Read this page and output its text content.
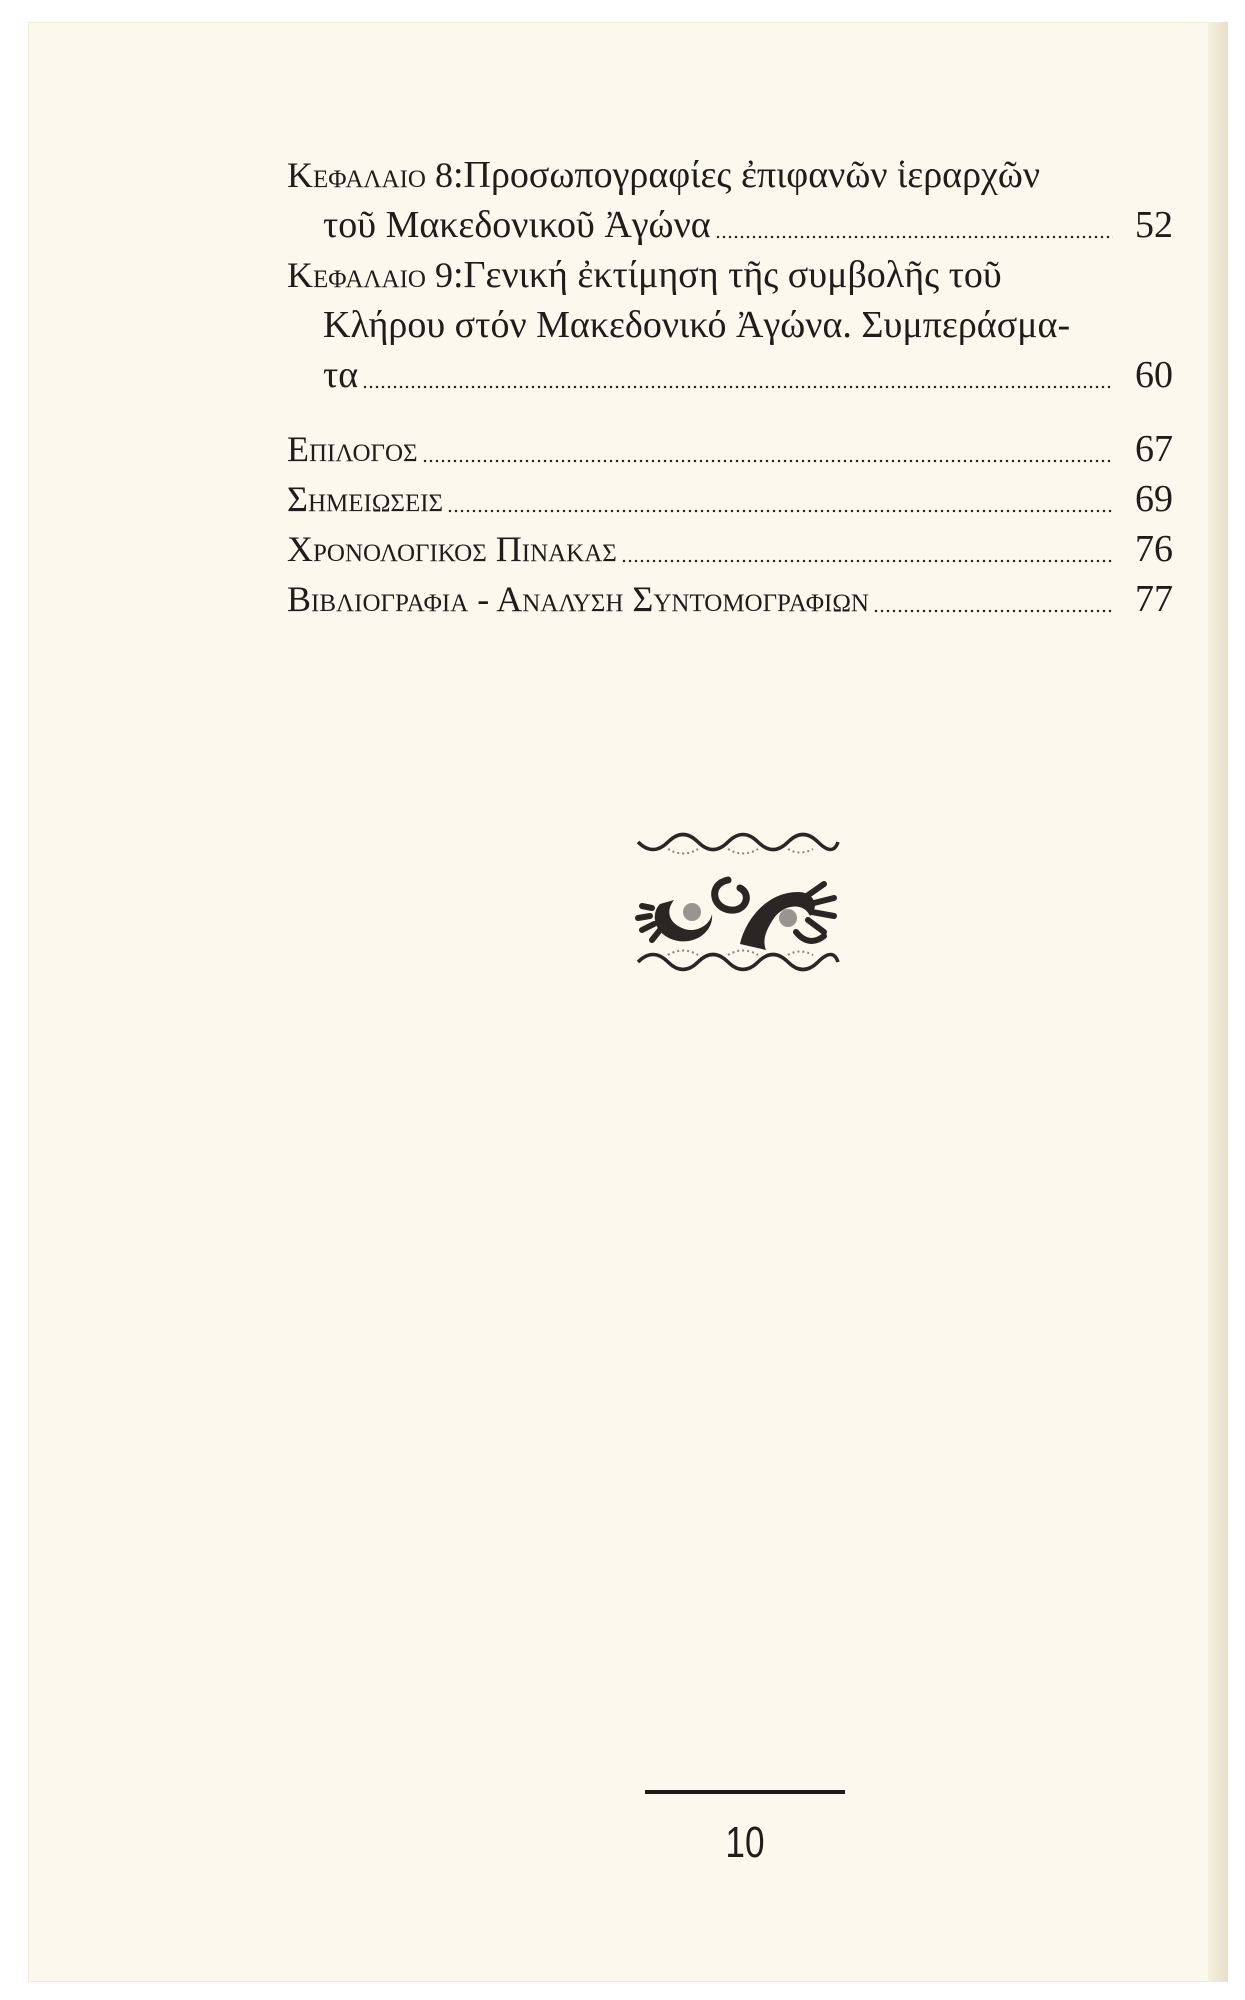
Κεφαλαιο 8 : Προσωπογραφίες ἐπιφανῶν ἱεραρχῶν
τοῦ Μακεδονικοῦ Ἀγώνα	52
Κεφαλαιο 9 : Γενική ἐκτίμηση τῆς συμβολῆς τοῦ
Κλήρου στόν Μακεδονικό Ἀγώνα. Συμπεράσμα-
τα	60
Επιλογος	67
Σημειωσεις	69
Χρονολογικος Πινακας	76
Βιβλιογραφια - Αναλυση Συντομογραφιων	77
10
